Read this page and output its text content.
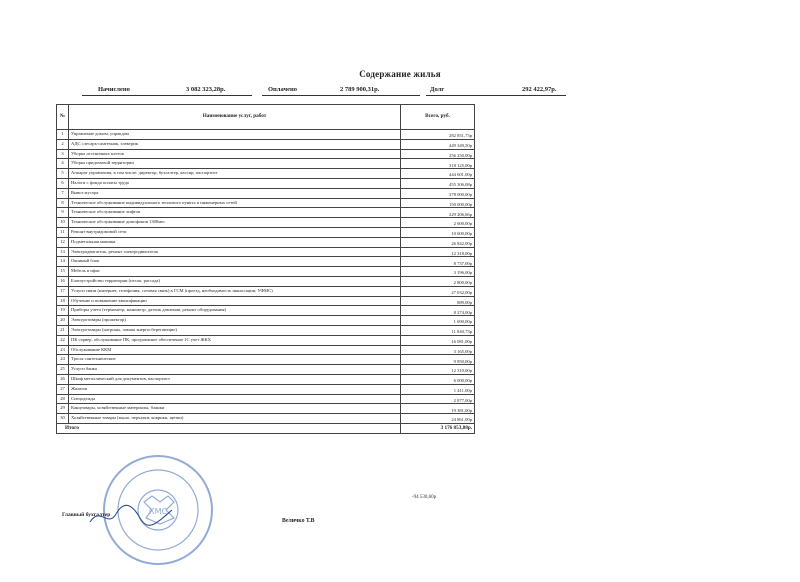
Содержание жилья
Начислено	3 082 323,28р.	Оплачено	2 789 900,31р.	Долг	292 422,97р.
№	Наименование услуг, работ	Всего, руб.
1	Управление домом, упракдом	282 851,73р
2	АДС слесарь-сантехник, электрик	449 349,50р
3	Уборка лестничных клеток	256 250,00р
4	Уборка придомовой территории	318 125,00р
5	Аппарат управления, в том числе: директор, бухгалтер, кассир, паспортист	444 601,00р
6	Налоги с фонда оплаты труда	455 306,08р
7	Вывоз мусора	378 000,00р
8	Техническое обслуживание индивидуального теплового пункта и инженерных сетей	150 000,00р
9	Техническое обслуживание лифтов	229 206,66р
10	Техническое обслуживание домофонов 1300мес	2 600,00р
11	Ремонт внутридомовой сети	10 600,00р
12	Подметальная машина	26 842,00р
13	Электродвигатель, ремонт электродвигателя	12 318,00р
14	Оконный блок	8 737,00р
15	Мебель в офис	3 196,00р
16	Благоустройство территории (песок, рассада)	2 800,00р
17	Услуги связи (интернет, телефония, сотовая связь) в ГСМ (проезд, необходимость инкассации, УФМС)	27 032,00р
18	Обучение и повышение квалификации	889,00р
19	Приборы учета (термометр, манометр, датчик давления, ремонт оборудования)	8 274,00р
20	Электротовары (прожектор)	1 690,00р
21	Электротовары (патроны, лампы энергосберегающие)	11 840,73р
22	ПК сервер, обслуживание ПК, программное обеспечение 1С учет ЖКХ	16 081,00р
23	Обслуживание ККМ	3 165,00р
24	Тросы сантехнические	9 850,00р
25	Услуги банка	12 310,00р
26	Шкаф металлический для документов, паспортист	6 000,00р
27	Жалюзи	1 411,00р
28	Спецодежда	2 877,00р
29	Канцтовары, хозяйственные материалы, бланки	19 381,00р
30	Хозяйственные товары (мыло, перчатки, коврики, щетки)	24 861,00р
Итого		3 176 853,88р.
-94 530,60р
КМС
Главный бухгалтер
Величко Т.В
